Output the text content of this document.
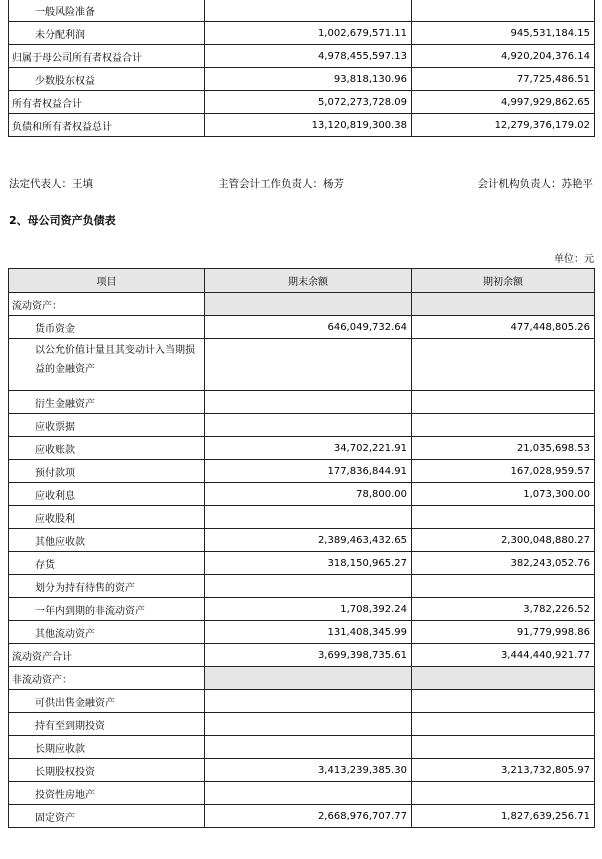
一般风险准备		
未分配利润	1,002,679,571.11	945,531,184.15
归属于母公司所有者权益合计	4,978,455,597.13	4,920,204,376.14
少数股东权益	93,818,130.96	77,725,486.51
所有者权益合计	5,072,273,728.09	4,997,929,862.65
负债和所有者权益总计	13,120,819,300.38	12,279,376,179.02
法定代表人：王填	主管会计工作负责人：杨芳	会计机构负责人：苏艳平
2、母公司资产负债表
单位：元
项目	期末余额	期初余额
流动资产：		
货币资金	646,049,732.64	477,448,805.26
以公允价值计量且其变动计入当期损益的金融资产		
衍生金融资产		
应收票据		
应收账款	34,702,221.91	21,035,698.53
预付款项	177,836,844.91	167,028,959.57
应收利息	78,800.00	1,073,300.00
应收股利		
其他应收款	2,389,463,432.65	2,300,048,880.27
存货	318,150,965.27	382,243,052.76
划分为持有待售的资产		
一年内到期的非流动资产	1,708,392.24	3,782,226.52
其他流动资产	131,408,345.99	91,779,998.86
流动资产合计	3,699,398,735.61	3,444,440,921.77
非流动资产：		
可供出售金融资产		
持有至到期投资		
长期应收款		
长期股权投资	3,413,239,385.30	3,213,732,805.97
投资性房地产		
固定资产	2,668,976,707.77	1,827,639,256.71
